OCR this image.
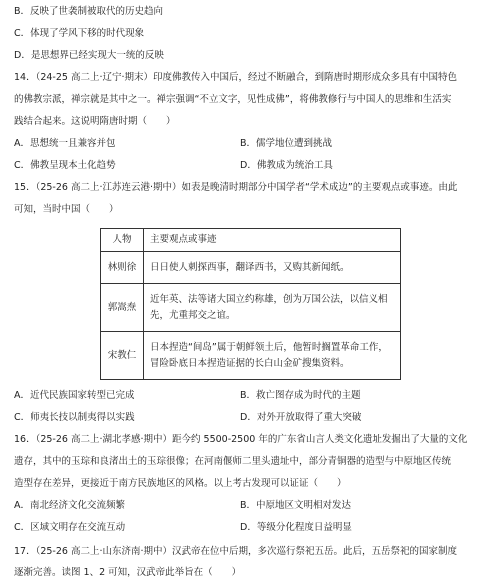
B．反映了世袭制被取代的历史趋向
C．体现了学风下移的时代现象
D．是思想界已经实现大一统的反映
14．（24-25 高二上·辽宁·期末）印度佛教传入中国后，经过不断融合，到隋唐时期形成众多具有中国特色
的佛教宗派，禅宗就是其中之一。禅宗强调“不立文字，见性成佛”，将佛教修行与中国人的思维和生活实
践结合起来。这说明隋唐时期（　　）
A．思想统一且兼容并包	B．儒学地位遭到挑战
C．佛教呈现本土化趋势	D．佛教成为统治工具
15．（25-26 高二上·江苏连云港·期中）如表是晚清时期部分中国学者“学术成边”的主要观点或事迹。由此
可知，当时中国（　　）
人物	主要观点或事迹
林则徐	日日使人刺探西事，翻译西书，又购其新闻纸。
郭嵩焘	近年英、法等诸大国立约称雄，创为万国公法，以信义相
先，尤重邦交之谊。

宋教仁	日本捏造“间岛”属于朝鲜领土后，他暂时搁置革命工作，
冒险卧底日本捏造证据的长白山金矿搜集资料。
A．近代民族国家转型已完成	B．救亡图存成为时代的主题
C．师夷长技以制夷得以实践	D．对外开放取得了重大突破
16．（25-26 高二上·湖北孝感·期中）距今约 5500-2500 年的广东省山言人类文化遗址发掘出了大量的文化
遗存，其中的玉琮和良渚出土的玉琮很像；在河南偃师二里头遗址中，部分青铜器的造型与中原地区传统
造型存在差异，更接近于南方民族地区的风格。以上考古发现可以证证（　　）
A．南北经济文化交流频繁	B．中原地区文明相对发达
C．区域文明存在交流互动	D．等级分化程度日益明显
17．（25-26 高二上·山东济南·期中）汉武帝在位中后期，多次巡行祭祀五岳。此后，五岳祭祀的国家制度
逐渐完善。读图 1、2 可知，汉武帝此举旨在（　　）
